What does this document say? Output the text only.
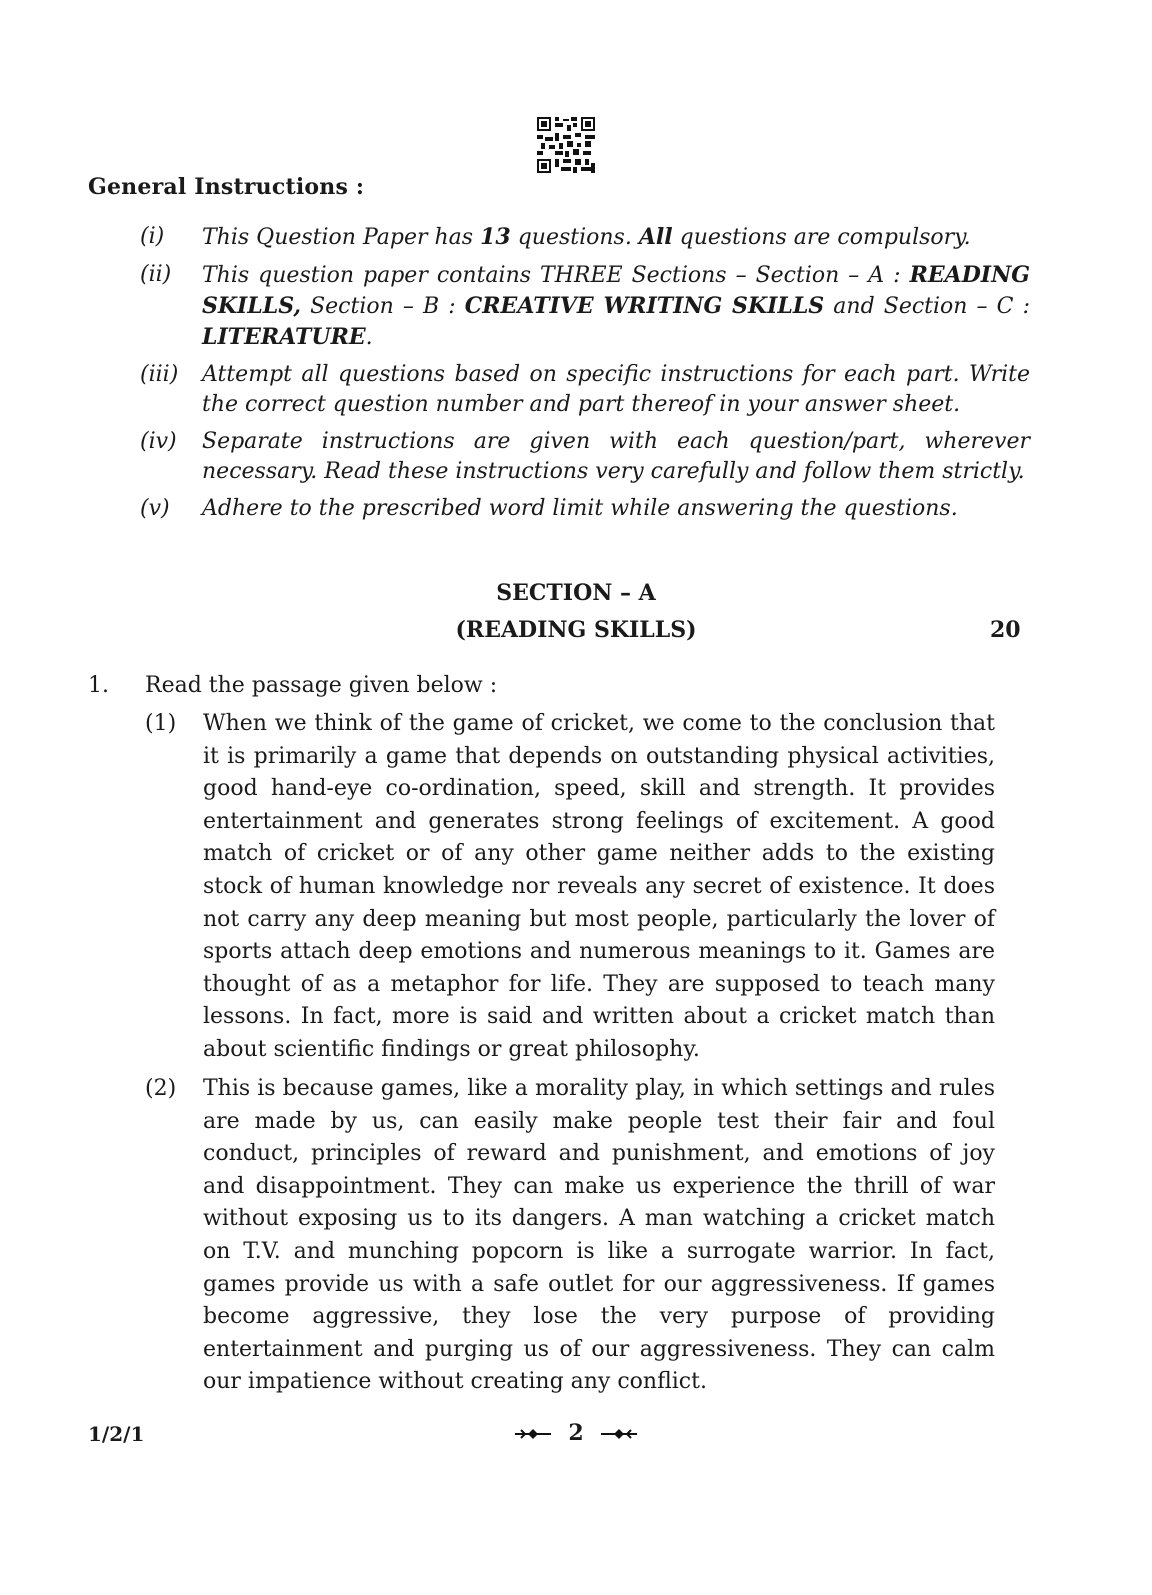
General Instructions :
(i)	This Question Paper has 13 questions. All questions are compulsory.
(ii)	This question paper contains THREE Sections – Section – A : READING SKILLS, Section – B : CREATIVE WRITING SKILLS and Section – C : LITERATURE.
(iii)	Attempt all questions based on specific instructions for each part. Write the correct question number and part thereof in your answer sheet.
(iv)	Separate instructions are given with each question/part, wherever necessary. Read these instructions very carefully and follow them strictly.
(v)	Adhere to the prescribed word limit while answering the questions.
SECTION – A
(READING SKILLS)	20
1. Read the passage given below :
(1)	When we think of the game of cricket, we come to the conclusion that it is primarily a game that depends on outstanding physical activities, good hand-eye co-ordination, speed, skill and strength. It provides entertainment and generates strong feelings of excitement. A good match of cricket or of any other game neither adds to the existing stock of human knowledge nor reveals any secret of existence. It does not carry any deep meaning but most people, particularly the lover of sports attach deep emotions and numerous meanings to it. Games are thought of as a metaphor for life. They are supposed to teach many lessons. In fact, more is said and written about a cricket match than about scientific findings or great philosophy.
(2)	This is because games, like a morality play, in which settings and rules are made by us, can easily make people test their fair and foul conduct, principles of reward and punishment, and emotions of joy and disappointment. They can make us experience the thrill of war without exposing us to its dangers. A man watching a cricket match on T.V. and munching popcorn is like a surrogate warrior. In fact, games provide us with a safe outlet for our aggressiveness. If games become aggressive, they lose the very purpose of providing entertainment and purging us of our aggressiveness. They can calm our impatience without creating any conflict.
1/2/1	2
